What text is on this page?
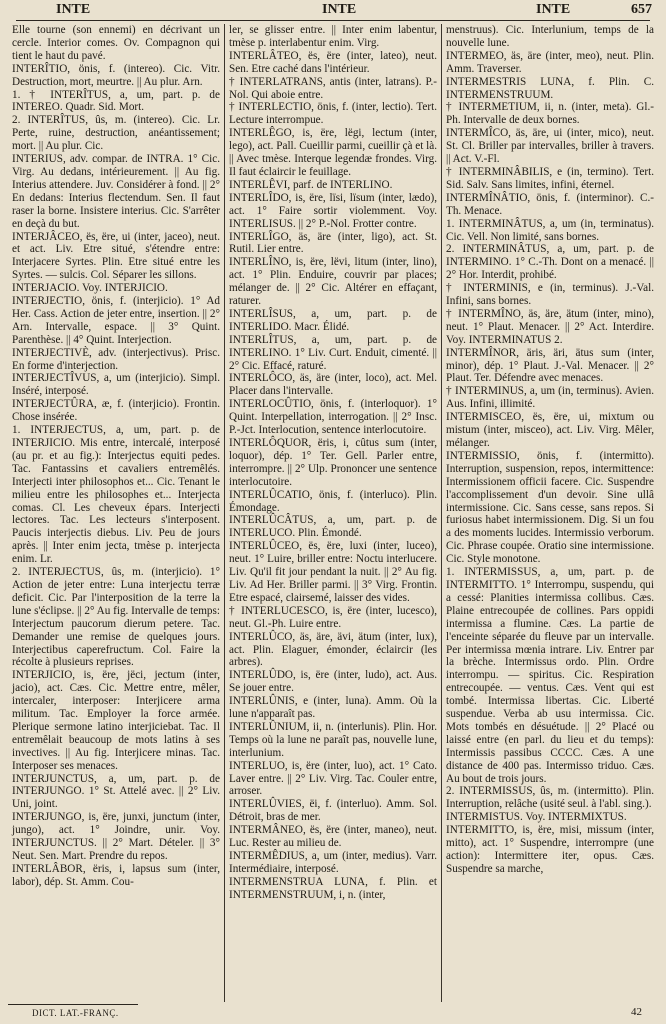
INTE	INTE	INTE	657

Elle tourne (son ennemi) en décrivant un cercle. Interior comes. Ov. Compagnon qui tient le haut du pavé.

INTERÎTIO, önis, f. (intereo). Cic. Vitr. Destruction, mort, meurtre. || Au plur. Arn.

1. † INTERÎTUS, a, um, part. p. de INTEREO. Quadr. Sid. Mort.

2. INTERÎTUS, ûs, m. (intereo). Cic. Lr. Perte, ruine, destruction, anéantissement; mort. || Au plur. Cic.

INTERIUS, adv. compar. de INTRA. 1° Cic. Virg. Au dedans, intérieurement. || Au fig. Interius attendere. Juv. Considérer à fond. || 2° En dedans: Interius flectendum. Sen. Il faut raser la borne. Insistere interius. Cic. S'arrêter en deçà du but.

INTERJÂCEO, ës, ëre, ui (inter, jaceo), neut. et act. Liv. Etre situé, s'étendre entre: Interjacere Syrtes. Plin. Etre situé entre les Syrtes. — sulcis. Col. Séparer les sillons.

INTERJACIO. Voy. INTERJICIO.

INTERJECTIO, önis, f. (interjicio). 1° Ad Her. Cass. Action de jeter entre, insertion. || 2° Arn. Intervalle, espace. || 3° Quint. Parenthèse. || 4° Quint. Interjection.

INTERJECTIVÈ, adv. (interjectivus). Prisc. En forme d'interjection.

INTERJECTÎVUS, a, um (interjicio). Simpl. Inséré, interposé.

INTERJECTÛRA, æ, f. (interjicio). Frontin. Chose insérée.

1. INTERJECTUS, a, um, part. p. de INTERJICIO. Mis entre, intercalé, interposé (au pr. et au fig.): Interjectus equiti pedes. Tac. Fantassins et cavaliers entremêlés. Interjecti inter philosophos et... Cic. Tenant le milieu entre les philosophes et... Interjecta comas. Cl. Les cheveux épars. Interjecti lectores. Tac. Les lecteurs s'interposent. Paucis interjectis diebus. Liv. Peu de jours après. || Inter enim jecta, tmèse p. interjecta enim. Lr.

2. INTERJECTUS, ûs, m. (interjicio). 1° Action de jeter entre: Luna interjectu terræ deficit. Cic. Par l'interposition de la terre la lune s'éclipse. || 2° Au fig. Intervalle de temps: Interjectum paucorum dierum petere. Tac. Demander une remise de quelques jours. Interjectibus caperefructum. Col. Faire la récolte à plusieurs reprises.

INTERJICIO, is, ëre, jëci, jectum (inter, jacio), act. Cæs. Cic. Mettre entre, mêler, intercaler, interposer: Interjicere arma militum. Tac. Employer la force armée. Plerique sermone latino interjiciebat. Tac. Il entremêlait beaucoup de mots latins à ses invectives. || Au fig. Interjicere minas. Tac. Interposer ses menaces.

INTERJUNCTUS, a, um, part. p. de INTERJUNGO. 1° St. Attelé avec. || 2° Liv. Uni, joint.

INTERJUNGO, is, ëre, junxi, junctum (inter, jungo), act. 1° Joindre, unir. Voy. INTERJUNCTUS. || 2° Mart. Dételer. || 3° Neut. Sen. Mart. Prendre du repos.

INTERLÂBOR, ëris, i, lapsus sum (inter, labor), dép. St. Amm. Cou-

ler, se glisser entre. || Inter enim labentur, tmèse p. interlabentur enim. Virg.

INTERLÂTEO, ës, ëre (inter, lateo), neut. Sen. Etre caché dans l'intérieur.

† INTERLATRANS, antis (inter, latrans). P.-Nol. Qui aboie entre.

† INTERLECTIO, önis, f. (inter, lectio). Tert. Lecture interrompue.

INTERLÊGO, is, ëre, lëgi, lectum (inter, lego), act. Pall. Cueillir parmi, cueillir çà et là. || Avec tmèse. Interque legendæ frondes. Virg. Il faut éclaircir le feuillage.

INTERLÊVI, parf. de INTERLINO.

INTERLÎDO, is, ëre, lïsi, lïsum (inter, lædo), act. 1° Faire sortir violemment. Voy. INTERLISUS. || 2° P.-Nol. Frotter contre.

INTERLÎGO, äs, äre (inter, ligo), act. St. Rutil. Lier entre.

INTERLÎNO, is, ëre, lëvi, litum (inter, lino), act. 1° Plin. Enduire, couvrir par places; mélanger de. || 2° Cic. Altérer en effaçant, raturer.

INTERLÎSUS, a, um, part. p. de INTERLIDO. Macr. Élidé.

INTERLÎTUS, a, um, part. p. de INTERLINO. 1° Liv. Curt. Enduit, cimenté. || 2° Cic. Effacé, raturé.

INTERLÔCO, äs, äre (inter, loco), act. Mel. Placer dans l'intervalle.

INTERLOCÛTIO, önis, f. (interloquor). 1° Quint. Interpellation, interrogation. || 2° Insc. P.-Jct. Interlocution, sentence interlocutoire.

INTERLÔQUOR, ëris, i, cûtus sum (inter, loquor), dép. 1° Ter. Gell. Parler entre, interrompre. || 2° Ulp. Prononcer une sentence interlocutoire.

INTERLÛCATIO, önis, f. (interluco). Plin. Émondage.

INTERLÛCÂTUS, a, um, part. p. de INTERLUCO. Plin. Émondé.

INTERLÛCEO, ës, ëre, luxi (inter, luceo), neut. 1° Luire, briller entre: Noctu interlucere. Liv. Qu'il fit jour pendant la nuit. || 2° Au fig. Liv. Ad Her. Briller parmi. || 3° Virg. Frontin. Etre espacé, clairsemé, laisser des vides.

† INTERLUCESCO, is, ëre (inter, lucesco), neut. Gl.-Ph. Luire entre.

INTERLÛCO, äs, äre, ävi, ätum (inter, lux), act. Plin. Elaguer, émonder, éclaircir (les arbres).

INTERLÛDO, is, ëre (inter, ludo), act. Aus. Se jouer entre.

INTERLÛNIS, e (inter, luna). Amm. Où la lune n'apparaît pas.

INTERLÛNIUM, ii, n. (interlunis). Plin. Hor. Temps où la lune ne paraît pas, nouvelle lune, interlunium.

INTERLUO, is, ëre (inter, luo), act. 1° Cato. Laver entre. || 2° Liv. Virg. Tac. Couler entre, arroser.

INTERLÛVIES, ëi, f. (interluo). Amm. Sol. Détroit, bras de mer.

INTERMÂNEO, ës, ëre (inter, maneo), neut. Luc. Rester au milieu de.

INTERMÊDIUS, a, um (inter, medius). Varr. Intermédiaire, interposé.

INTERMENSTRUA LUNA, f. Plin. et INTERMENSTRUUM, i, n. (inter,

menstruus). Cic. Interlunium, temps de la nouvelle lune.

INTERMEO, äs, äre (inter, meo), neut. Plin. Amm. Traverser.

INTERMESTRIS LUNA, f. Plin. C. INTERMENSTRUUM.

† INTERMETIUM, ii, n. (inter, meta). Gl.-Ph. Intervalle de deux bornes.

INTERMÎCO, äs, äre, ui (inter, mico), neut. St. Cl. Briller par intervalles, briller à travers. || Act. V.-Fl.

† INTERMINÂBILIS, e (in, termino). Tert. Sid. Salv. Sans limites, infini, éternel.

INTERMÎNÂTIO, önis, f. (interminor). C.-Th. Menace.

1. INTERMINÂTUS, a, um (in, terminatus). Cic. Vell. Non limité, sans bornes.

2. INTERMINÂTUS, a, um, part. p. de INTERMINO. 1° C.-Th. Dont on a menacé. || 2° Hor. Interdit, prohibé.

† INTERMINIS, e (in, terminus). J.-Val. Infini, sans bornes.

† INTERMÎNO, äs, äre, ätum (inter, mino), neut. 1° Plaut. Menacer. || 2° Act. Interdire. Voy. INTERMINATUS 2.

INTERMÎNOR, äris, äri, ätus sum (inter, minor), dép. 1° Plaut. J.-Val. Menacer. || 2° Plaut. Ter. Défendre avec menaces.

† INTERMINUS, a, um (in, terminus). Avien. Aus. Infini, illimité.

INTERMISCEO, ës, ëre, ui, mixtum ou mistum (inter, misceo), act. Liv. Virg. Mêler, mélanger.

INTERMISSIO, önis, f. (intermitto). Interruption, suspension, repos, intermittence: Intermissionem officii facere. Cic. Suspendre l'accomplissement d'un devoir. Sine ullâ intermissione. Cic. Sans cesse, sans repos. Si furiosus habet intermissionem. Dig. Si un fou a des moments lucides. Intermissio verborum. Cic. Phrase coupée. Oratio sine intermissione. Cic. Style monotone.

1. INTERMISSUS, a, um, part. p. de INTERMITTO. 1° Interrompu, suspendu, qui a cessé: Planities intermissa collibus. Cæs. Plaine entrecoupée de collines. Pars oppidi intermissa a flumine. Cæs. La partie de l'enceinte séparée du fleuve par un intervalle. Per intermissa mœnia intrare. Liv. Entrer par la brèche. Intermissus ordo. Plin. Ordre interrompu. — spiritus. Cic. Respiration entrecoupée. — ventus. Cæs. Vent qui est tombé. Intermissa libertas. Cic. Liberté suspendue. Verba ab usu intermissa. Cic. Mots tombés en désuétude. || 2° Placé ou laissé entre (en parl. du lieu et du temps): Intermissis passibus CCCC. Cæs. A une distance de 400 pas. Intermisso triduo. Cæs. Au bout de trois jours.

2. INTERMISSUS, ûs, m. (intermitto). Plin. Interruption, relâche (usité seul. à l'abl. sing.).

INTERMISTUS. Voy. INTERMIXTUS.

INTERMITTO, is, ëre, misi, missum (inter, mitto), act. 1° Suspendre, interrompre (une action): Intermittere iter, opus. Cæs. Suspendre sa marche,

DICT. LAT.-FRANÇ.	42
